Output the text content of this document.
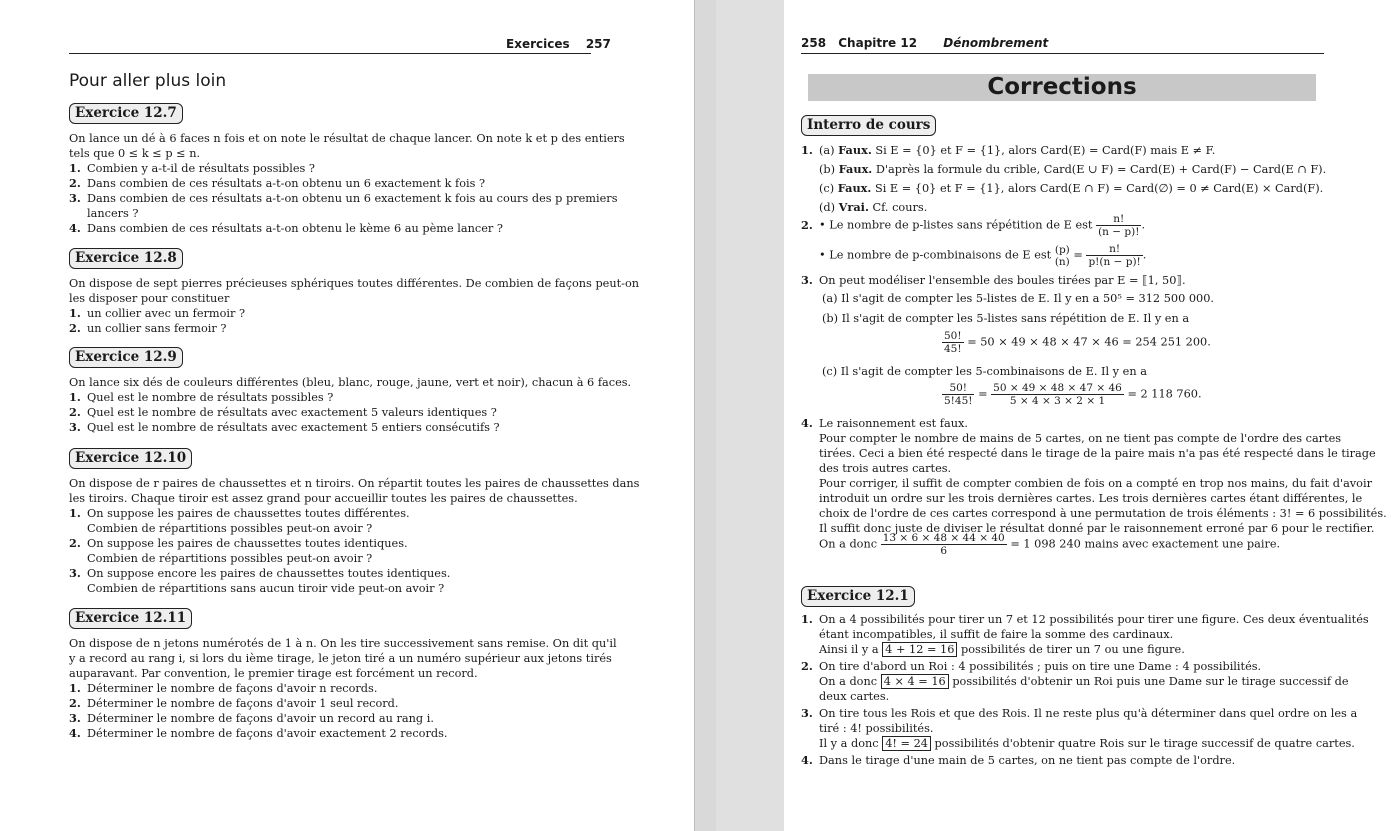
Exercices 257
Pour aller plus loin
Exercice 12.7
On lance un dé à 6 faces n fois et on note le résultat de chaque lancer. On note k et p des entiers
tels que 0 ≤ k ≤ p ≤ n.
1. Combien y a-t-il de résultats possibles ?
2. Dans combien de ces résultats a-t-on obtenu un 6 exactement k fois ?
3. Dans combien de ces résultats a-t-on obtenu un 6 exactement k fois au cours des p premiers
lancers ?
4. Dans combien de ces résultats a-t-on obtenu le kème 6 au pème lancer ?
Exercice 12.8
On dispose de sept pierres précieuses sphériques toutes différentes. De combien de façons peut-on
les disposer pour constituer
1. un collier avec un fermoir ?
2. un collier sans fermoir ?
Exercice 12.9
On lance six dés de couleurs différentes (bleu, blanc, rouge, jaune, vert et noir), chacun à 6 faces.
1. Quel est le nombre de résultats possibles ?
2. Quel est le nombre de résultats avec exactement 5 valeurs identiques ?
3. Quel est le nombre de résultats avec exactement 5 entiers consécutifs ?
Exercice 12.10
On dispose de r paires de chaussettes et n tiroirs. On répartit toutes les paires de chaussettes dans
les tiroirs. Chaque tiroir est assez grand pour accueillir toutes les paires de chaussettes.
1. On suppose les paires de chaussettes toutes différentes.
Combien de répartitions possibles peut-on avoir ?
2. On suppose les paires de chaussettes toutes identiques.
Combien de répartitions possibles peut-on avoir ?
3. On suppose encore les paires de chaussettes toutes identiques.
Combien de répartitions sans aucun tiroir vide peut-on avoir ?
Exercice 12.11
On dispose de n jetons numérotés de 1 à n. On les tire successivement sans remise. On dit qu'il
y a record au rang i, si lors du ième tirage, le jeton tiré a un numéro supérieur aux jetons tirés
auparavant. Par convention, le premier tirage est forcément un record.
1. Déterminer le nombre de façons d'avoir n records.
2. Déterminer le nombre de façons d'avoir 1 seul record.
3. Déterminer le nombre de façons d'avoir un record au rang i.
4. Déterminer le nombre de façons d'avoir exactement 2 records.
258 Chapitre 12 Dénombrement
Corrections
Interro de cours
1. (a) Faux. Si E = {0} et F = {1}, alors Card(E) = Card(F) mais E ≠ F.
(b) Faux. D'après la formule du crible, Card(E ∪ F) = Card(E) + Card(F) − Card(E ∩ F).
(c) Faux. Si E = {0} et F = {1}, alors Card(E ∩ F) = Card(∅) = 0 ≠ Card(E) × Card(F).
(d) Vrai. Cf. cours.
2. • Le nombre de p-listes sans répétition de E est $\frac{n!}{(n - p)!}$ .
• Le nombre de p-combinaisons de E est (p)
$(n) = \frac{n!}{p!(n - p)!}$ .
3. On peut modéliser l'ensemble des boules tirées par E = ⟦1, 50⟧.
(a) Il s'agit de compter les 5-listes de E. Il y en a 50⁵ = 312 500 000.
(b) Il s'agit de compter les 5-listes sans répétition de E. Il y en a
$\frac{50!}{45!} = 50 \times 49 \times 48 \times 47 \times 46 = 254$ 251 200.
(c) Il s'agit de compter les 5-combinaisons de E. Il y en a
$\frac{50!}{5!45!} = \frac{50 \times 49 \times 48 \times 47 \times 46}{5 \times 4 \times 3 \times 2 \times 1} = 2$ 118 760.
4. Le raisonnement est faux.
Pour compter le nombre de mains de 5 cartes, on ne tient pas compte de l'ordre des cartes
tirées. Ceci a bien été respecté dans le tirage de la paire mais n'a pas été respecté dans le tirage
des trois autres cartes.
Pour corriger, il suffit de compter combien de fois on a compté en trop nos mains, du fait d'avoir
introduit un ordre sur les trois dernières cartes. Les trois dernières cartes étant différentes, le
choix de l'ordre de ces cartes correspond à une permutation de trois éléments : 3! = 6 possibilités.
Il suffit donc juste de diviser le résultat donné par le raisonnement erroné par 6 pour le rectifier.
On a donc $\frac{13 \times 6 \times 48 \times 44 \times 40}{6} = 1$ 098 240 mains avec exactement une paire.
Exercice 12.1
1. On a 4 possibilités pour tirer un 7 et 12 possibilités pour tirer une figure. Ces deux éventualités
étant incompatibles, il suffit de faire la somme des cardinaux.
Ainsi il y a 4 + 12 = 16 possibilités de tirer un 7 ou une figure.
2. On tire d'abord un Roi : 4 possibilités ; puis on tire une Dame : 4 possibilités.
On a donc 4 × 4 = 16 possibilités d'obtenir un Roi puis une Dame sur le tirage successif de
deux cartes.
3. On tire tous les Rois et que des Rois. Il ne reste plus qu'à déterminer dans quel ordre on les a
tiré : 4! possibilités.
Il y a donc 4! = 24 possibilités d'obtenir quatre Rois sur le tirage successif de quatre cartes.
4. Dans le tirage d'une main de 5 cartes, on ne tient pas compte de l'ordre.
